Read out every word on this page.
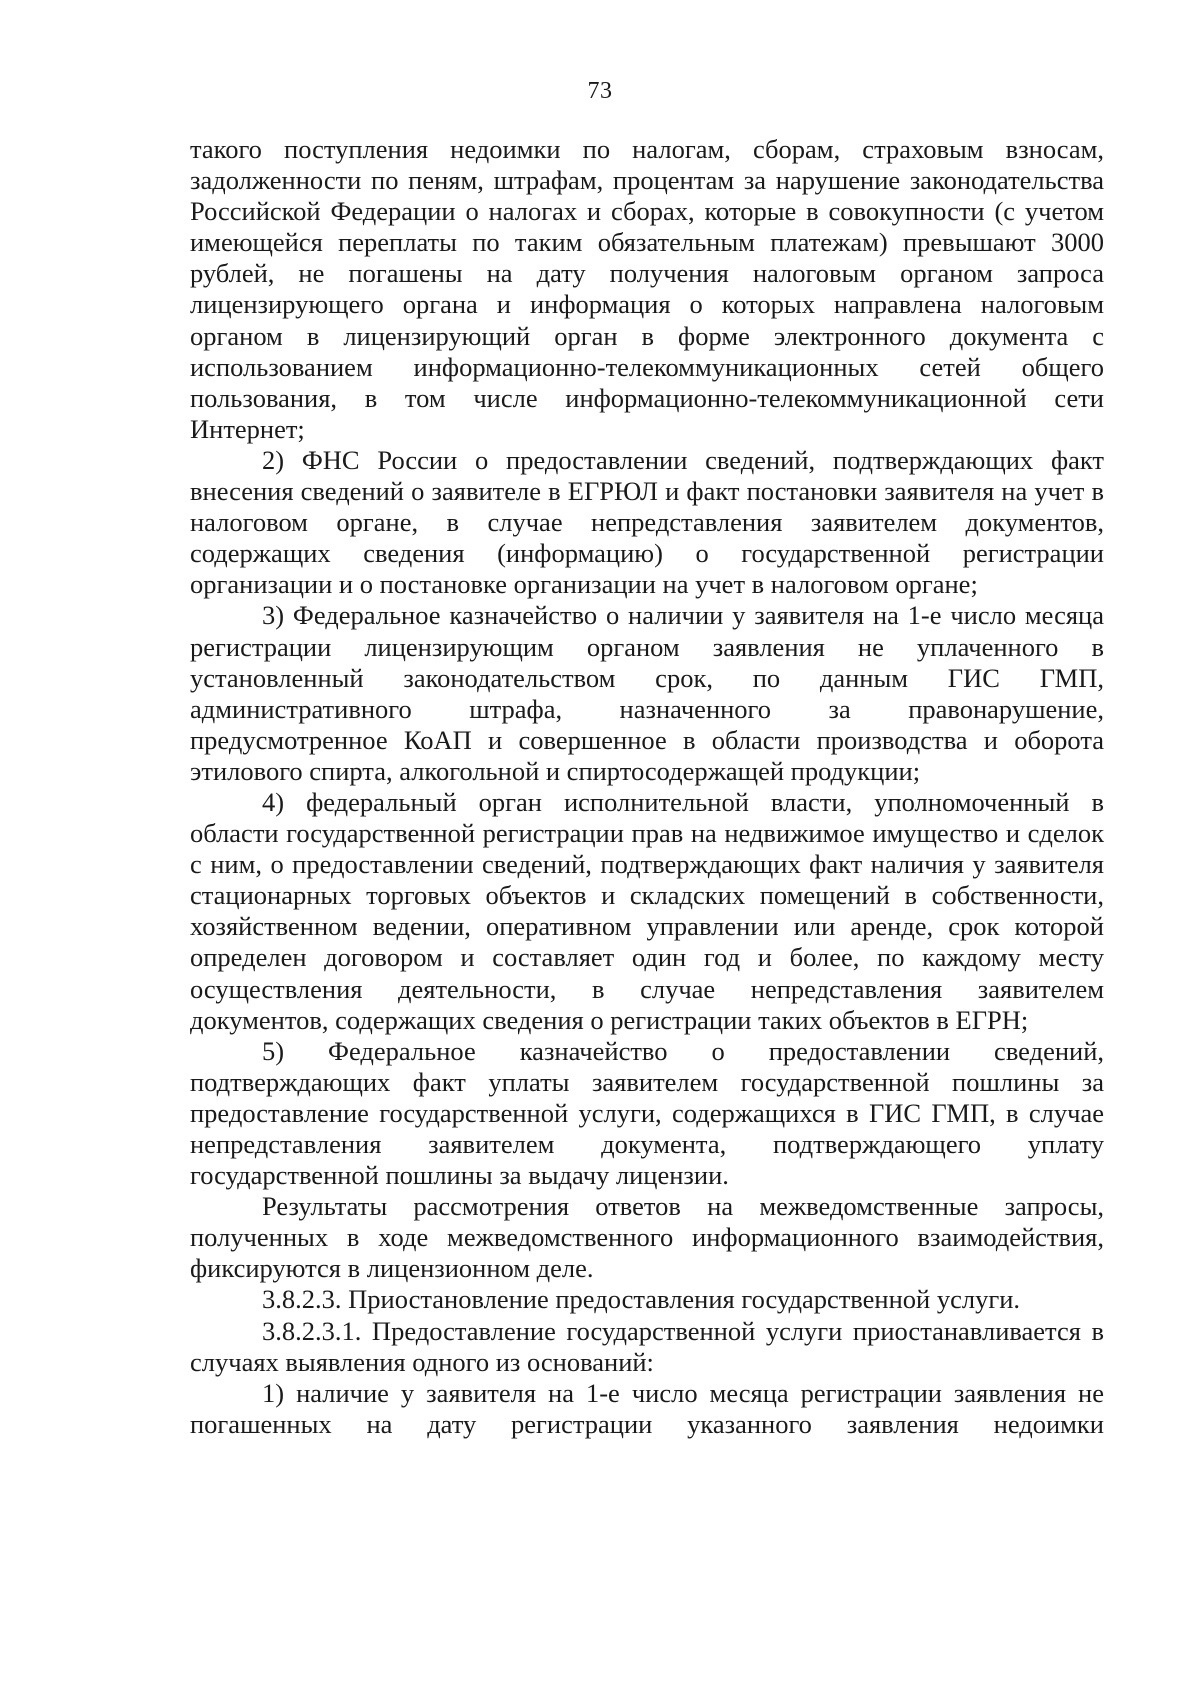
73

такого поступления недоимки по налогам, сборам, страховым взносам, задолженности по пеням, штрафам, процентам за нарушение законодательства Российской Федерации о налогах и сборах, которые в совокупности (с учетом имеющейся переплаты по таким обязательным платежам) превышают 3000 рублей, не погашены на дату получения налоговым органом запроса лицензирующего органа и информация о которых направлена налоговым органом в лицензирующий орган в форме электронного документа с использованием информационно-телекоммуникационных сетей общего пользования, в том числе информационно-телекоммуникационной сети Интернет;

2) ФНС России о предоставлении сведений, подтверждающих факт внесения сведений о заявителе в ЕГРЮЛ и факт постановки заявителя на учет в налоговом органе, в случае непредставления заявителем документов, содержащих сведения (информацию) о государственной регистрации организации и о постановке организации на учет в налоговом органе;

3) Федеральное казначейство о наличии у заявителя на 1-е число месяца регистрации лицензирующим органом заявления не уплаченного в установленный законодательством срок, по данным ГИС ГМП, административного штрафа, назначенного за правонарушение, предусмотренное КоАП и совершенное в области производства и оборота этилового спирта, алкогольной и спиртосодержащей продукции;

4) федеральный орган исполнительной власти, уполномоченный в области государственной регистрации прав на недвижимое имущество и сделок с ним, о предоставлении сведений, подтверждающих факт наличия у заявителя стационарных торговых объектов и складских помещений в собственности, хозяйственном ведении, оперативном управлении или аренде, срок которой определен договором и составляет один год и более, по каждому месту осуществления деятельности, в случае непредставления заявителем документов, содержащих сведения о регистрации таких объектов в ЕГРН;

5) Федеральное казначейство о предоставлении сведений, подтверждающих факт уплаты заявителем государственной пошлины за предоставление государственной услуги, содержащихся в ГИС ГМП, в случае непредставления заявителем документа, подтверждающего уплату государственной пошлины за выдачу лицензии.

Результаты рассмотрения ответов на межведомственные запросы, полученных в ходе межведомственного информационного взаимодействия, фиксируются в лицензионном деле.

3.8.2.3. Приостановление предоставления государственной услуги.

3.8.2.3.1. Предоставление государственной услуги приостанавливается в случаях выявления одного из оснований:

1) наличие у заявителя на 1-е число месяца регистрации заявления не погашенных на дату регистрации указанного заявления недоимки
